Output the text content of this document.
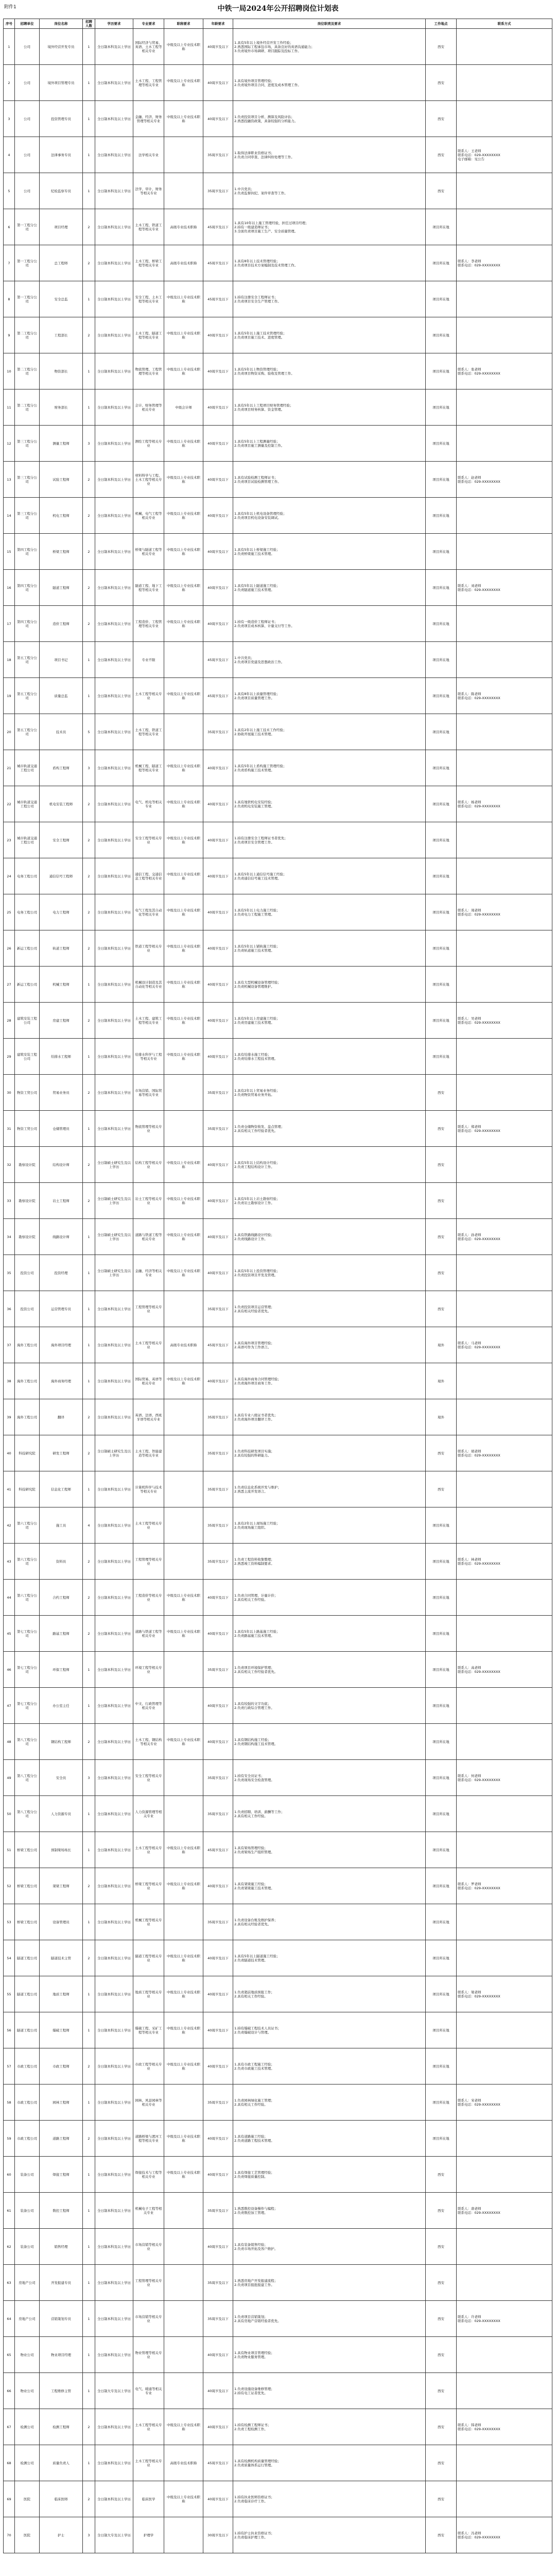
附件1	中铁一局2024年公开招聘岗位计划表
序号	招聘单位	岗位名称	招聘人数	学历要求	专业要求	职称要求	年龄要求	岗位职责及要求	工作地点	联系方式
1	公司	境外经营开发专员	1	全日制本科及以上学历	国际经济与贸易、英语、土木工程等相关专业	中级及以上专业技术职称	40周岁及以下	1.具有5年以上境外经营开发工作经验；
2.熟悉国际工程承包市场，具备良好的英语沟通能力；
3.负责境外市场调研、项目跟踪及投标工作。	西安	
2	公司	境外项目管理专员	1	全日制本科及以上学历	土木工程、工程管理等相关专业	中级及以上专业技术职称	40周岁及以下	1.具有境外项目管理经验；
2.负责境外项目合同、进度及成本管理工作。	西安	
3	公司	投资管理专员	1	全日制本科及以上学历	金融、经济、财务管理等相关专业	中级及以上专业技术职称	40周岁及以下	1.负责投资项目分析、测算及风险评估；
2.熟悉投融资政策，具备较强的分析能力。	西安	
4	公司	法律事务专员	1	全日制本科及以上学历	法学相关专业		35周岁及以下	1.取得法律职业资格证书；
2.负责合同审查、法律纠纷处理等工作。	西安	联系人：王老师
联系电话：029-XXXXXXXX
电子邮箱：见公告
5	公司	纪检监察专员	1	全日制本科及以上学历	法学、审计、财务等相关专业		35周岁及以下	1.中共党员；
2.负责监督执纪、案件审查等工作。	西安	
6	第一工程分公司	项目经理	2	全日制本科及以上学历	土木工程、铁道工程等相关专业	高级专业技术职称	45周岁及以下	1.具有10年以上施工管理经验，担任过项目经理；
2.持有一级建造师证书；
3.全面负责项目施工生产、安全质量管理。	项目所在地	
7	第一工程分公司	总工程师	2	全日制本科及以上学历	土木工程、桥梁工程等相关专业	高级专业技术职称	45周岁及以下	1.具有8年以上技术管理经验；
2.负责项目技术方案编制及技术管理工作。	项目所在地	联系人：李老师
联系电话：029-XXXXXXXX
8	第一工程分公司	安全总监	1	全日制本科及以上学历	安全工程、土木工程等相关专业	中级及以上专业技术职称	45周岁及以下	1.持有注册安全工程师证书；
2.负责项目安全生产管理工作。	项目所在地	
9	第二工程分公司	工程部长	2	全日制本科及以上学历	土木工程、隧道工程等相关专业	中级及以上专业技术职称	40周岁及以下	1.具有5年以上施工技术管理经验；
2.负责项目施工技术、进度管理。	项目所在地	
10	第二工程分公司	物资部长	1	全日制本科及以上学历	物流管理、工程管理等相关专业	中级及以上专业技术职称	40周岁及以下	1.具有5年以上物资管理经验；
2.负责项目物资采购、验收及管理工作。	项目所在地	联系人：张老师
联系电话：029-XXXXXXXX
11	第二工程分公司	财务部长	1	全日制本科及以上学历	会计、财务管理等相关专业	中级会计师	40周岁及以下	1.具有5年以上工程项目财务管理经验；
2.负责项目财务核算、资金管理。	项目所在地	
12	第三工程分公司	测量工程师	3	全日制本科及以上学历	测绘工程等相关专业	中级及以上专业技术职称	40周岁及以下	1.具有5年以上工程测量经验；
2.负责项目施工测量及控制工作。	项目所在地	
13	第三工程分公司	试验工程师	2	全日制本科及以上学历	材料科学与工程、土木工程等相关专业	中级及以上专业技术职称	40周岁及以下	1.具有试验检测工程师证书；
2.负责项目试验检测管理工作。	项目所在地	联系人：赵老师
联系电话：029-XXXXXXXX
14	第三工程分公司	机电工程师	2	全日制本科及以上学历	机械、电气工程等相关专业	中级及以上专业技术职称	40周岁及以下	1.具有5年以上机电设备管理经验；
2.负责项目机电设备安装调试。	项目所在地	
15	第四工程分公司	桥梁工程师	2	全日制本科及以上学历	桥梁与隧道工程等相关专业	中级及以上专业技术职称	40周岁及以下	1.具有5年以上桥梁施工经验；
2.负责桥梁施工技术管理。	项目所在地	
16	第四工程分公司	隧道工程师	2	全日制本科及以上学历	隧道工程、地下工程等相关专业	中级及以上专业技术职称	40周岁及以下	1.具有5年以上隧道施工经验；
2.负责隧道施工技术管理。	项目所在地	联系人：刘老师
联系电话：029-XXXXXXXX
17	第四工程分公司	造价工程师	2	全日制本科及以上学历	工程造价、工程管理等相关专业	中级及以上专业技术职称	40周岁及以下	1.持有一级造价工程师证书；
2.负责项目成本核算、计量支付等工作。	项目所在地	
18	第五工程分公司	项目书记	1	全日制本科及以上学历	专业不限		45周岁及以下	1.中共党员；
2.负责项目党建及思想政治工作。	项目所在地	
19	第五工程分公司	质量总监	1	全日制本科及以上学历	土木工程等相关专业	中级及以上专业技术职称	45周岁及以下	1.具有8年以上质量管理经验；
2.负责项目质量管理工作。	项目所在地	联系人：陈老师
联系电话：029-XXXXXXXX
20	第五工程分公司	技术员	5	全日制本科及以上学历	土木工程、铁道工程等相关专业		35周岁及以下	1.具有2年以上施工技术工作经验；
2.协助开展施工技术管理。	项目所在地	
21	城市轨道交通工程公司	盾构工程师	3	全日制本科及以上学历	机械工程、隧道工程等相关专业	中级及以上专业技术职称	40周岁及以下	1.具有5年以上盾构施工管理经验；
2.负责盾构施工技术管理。	项目所在地	
22	城市轨道交通工程公司	机电安装工程师	2	全日制本科及以上学历	电气、机电等相关专业	中级及以上专业技术职称	40周岁及以下	1.具有地铁机电安装经验；
2.负责机电安装施工管理。	项目所在地	联系人：杨老师
联系电话：029-XXXXXXXX
23	城市轨道交通工程公司	安全工程师	2	全日制本科及以上学历	安全工程等相关专业	中级及以上专业技术职称	40周岁及以下	1.持有注册安全工程师证书者优先；
2.负责项目安全管理工作。	项目所在地	
24	电务工程公司	通信信号工程师	2	全日制本科及以上学历	通信工程、交通信息工程等相关专业	中级及以上专业技术职称	40周岁及以下	1.具有5年以上通信信号施工经验；
2.负责通信信号施工技术管理。	项目所在地	
25	电务工程公司	电力工程师	2	全日制本科及以上学历	电气工程及其自动化等相关专业	中级及以上专业技术职称	40周岁及以下	1.具有5年以上电力施工经验；
2.负责电力工程施工管理。	项目所在地	联系人：周老师
联系电话：029-XXXXXXXX
26	新运工程公司	轨道工程师	2	全日制本科及以上学历	铁道工程等相关专业	中级及以上专业技术职称	40周岁及以下	1.具有5年以上铺轨施工经验；
2.负责轨道施工技术管理。	项目所在地	
27	新运工程公司	机械工程师	1	全日制本科及以上学历	机械设计制造及其自动化等相关专业	中级及以上专业技术职称	40周岁及以下	1.具有大型机械设备管理经验；
2.负责机械设备管理维护。	项目所在地	
28	建筑安装工程公司	房建工程师	2	全日制本科及以上学历	土木工程、建筑工程等相关专业	中级及以上专业技术职称	40周岁及以下	1.具有5年以上房建施工经验；
2.负责房建施工技术管理。	项目所在地	联系人：吴老师
联系电话：029-XXXXXXXX
29	建筑安装工程公司	给排水工程师	1	全日制本科及以上学历	给排水科学与工程等相关专业	中级及以上专业技术职称	40周岁及以下	1.具有给排水施工经验；
2.负责给排水工程技术管理。	项目所在地	
30	物资工贸公司	贸易业务员	2	全日制本科及以上学历	市场营销、国际贸易等相关专业		35周岁及以下	1.具有2年以上贸易业务经验；
2.负责物资贸易业务开拓。	西安	
31	物资工贸公司	仓储管理员	1	全日制本科及以上学历	物流管理等相关专业		35周岁及以下	1.负责仓储物资收发、盘点管理；
2.具有相关工作经验者优先。	西安	联系人：郑老师
联系电话：029-XXXXXXXX
32	勘察设计院	结构设计师	2	全日制硕士研究生及以上学历	结构工程等相关专业	中级及以上专业技术职称	40周岁及以下	1.具有5年以上结构设计经验；
2.负责工程结构设计工作。	西安	
33	勘察设计院	岩土工程师	2	全日制硕士研究生及以上学历	岩土工程等相关专业	中级及以上专业技术职称	40周岁及以下	1.具有5年以上岩土勘察经验；
2.负责岩土勘察设计工作。	西安	
34	勘察设计院	线路设计师	1	全日制硕士研究生及以上学历	道路与铁道工程等相关专业	中级及以上专业技术职称	40周岁及以下	1.具有铁路线路设计经验；
2.负责线路设计工作。	西安	联系人：孙老师
联系电话：029-XXXXXXXX
35	投资公司	投资经理	1	全日制硕士研究生及以上学历	金融、经济等相关专业	中级及以上专业技术职称	40周岁及以下	1.具有5年以上投资管理经验；
2.负责投资项目开发及管理。	西安	
36	投资公司	运营管理专员	1	全日制本科及以上学历	工程管理等相关专业		35周岁及以下	1.负责投资项目运营管理；
2.具有相关经验者优先。	西安	
37	海外工程公司	海外项目经理	1	全日制本科及以上学历	土木工程等相关专业	高级专业技术职称	45周岁及以下	1.具有海外项目管理经验；
2.英语可作为工作语言。	境外	联系人：马老师
联系电话：029-XXXXXXXX
38	海外工程公司	海外商务经理	1	全日制本科及以上学历	国际贸易、英语等相关专业	中级及以上专业技术职称	40周岁及以下	1.具有海外商务合同管理经验；
2.负责海外项目商务工作。	境外	
39	海外工程公司	翻译	2	全日制本科及以上学历	英语、法语、西班牙语等相关专业		35周岁及以下	1.具有专业八级证书者优先；
2.负责海外项目翻译工作。	境外	
40	科技研究院	研发工程师	2	全日制硕士研究生及以上学历	土木工程、智能建造等相关专业		35周岁及以下	1.负责科技研发项目实施；
2.具有较强的科研能力。	西安	联系人：胡老师
联系电话：029-XXXXXXXX
41	科技研究院	信息化工程师	1	全日制本科及以上学历	计算机科学与技术等相关专业		35周岁及以下	1.负责信息化系统开发与维护；
2.熟悉主流开发语言。	西安	
42	第六工程分公司	施工员	4	全日制本科及以上学历	土木工程等相关专业		35周岁及以下	1.具有2年以上现场施工经验；
2.负责现场施工组织。	项目所在地	
43	第六工程分公司	资料员	2	全日制本科及以上学历	工程管理等相关专业		35周岁及以下	1.负责工程资料收集整理；
2.熟悉竣工资料编制要求。	项目所在地	联系人：林老师
联系电话：029-XXXXXXXX
44	第六工程分公司	合约工程师	2	全日制本科及以上学历	工程造价等相关专业	中级及以上专业技术职称	40周岁及以下	1.负责合同管理、计量计价；
2.具有相关工作经验。	项目所在地	
45	第七工程分公司	路基工程师	2	全日制本科及以上学历	道路与铁道工程等相关专业	中级及以上专业技术职称	40周岁及以下	1.具有5年以上路基施工经验；
2.负责路基施工技术管理。	项目所在地	
46	第七工程分公司	环保工程师	1	全日制本科及以上学历	环境工程等相关专业		35周岁及以下	1.负责项目环境保护管理；
2.具有相关工作经验者优先。	项目所在地	联系人：高老师
联系电话：029-XXXXXXXX
47	第七工程分公司	办公室主任	1	全日制本科及以上学历	中文、行政管理等相关专业		40周岁及以下	1.具有较强的文字功底；
2.负责行政综合管理工作。	项目所在地	
48	第八工程分公司	钢结构工程师	2	全日制本科及以上学历	土木工程、钢结构等相关专业	中级及以上专业技术职称	40周岁及以下	1.具有钢结构施工经验；
2.负责钢结构施工技术管理。	项目所在地	
49	第八工程分公司	安全员	3	全日制本科及以上学历	安全工程等相关专业		35周岁及以下	1.持有安全员证书；
2.负责现场安全检查管理。	项目所在地	联系人：何老师
联系电话：029-XXXXXXXX
50	第八工程分公司	人力资源专员	1	全日制本科及以上学历	人力资源管理等相关专业		35周岁及以下	1.负责招聘、培训、薪酬等工作；
2.具有相关工作经验。	项目所在地	
51	桥梁工程公司	预制梁场场长	1	全日制本科及以上学历	土木工程等相关专业	中级及以上专业技术职称	45周岁及以下	1.具有梁场管理经验；
2.负责梁场生产组织管理。	项目所在地	
52	桥梁工程公司	架梁工程师	2	全日制本科及以上学历	桥梁工程等相关专业	中级及以上专业技术职称	40周岁及以下	1.具有架梁施工经验；
2.负责架梁施工技术管理。	项目所在地	联系人：罗老师
联系电话：029-XXXXXXXX
53	桥梁工程公司	设备管理员	1	全日制本科及以上学历	机械工程等相关专业		35周岁及以下	1.负责设备台账及维护保养；
2.具有相关经验者优先。	项目所在地	
54	隧道工程公司	隧道技术主管	2	全日制本科及以上学历	隧道工程等相关专业	中级及以上专业技术职称	40周岁及以下	1.具有5年以上隧道施工经验；
2.负责隧道技术管理。	项目所在地	
55	隧道工程公司	地质工程师	1	全日制本科及以上学历	地质工程等相关专业	中级及以上专业技术职称	40周岁及以下	1.负责超前地质预报工作；
2.具有相关工作经验。	项目所在地	联系人：梁老师
联系电话：029-XXXXXXXX
56	隧道工程公司	爆破工程师	1	全日制本科及以上学历	爆破工程、采矿工程等相关专业	中级及以上专业技术职称	40周岁及以下	1.持有爆破工程技术人员证书；
2.负责爆破设计与管理。	项目所在地	
57	市政工程公司	市政工程师	2	全日制本科及以上学历	市政工程等相关专业	中级及以上专业技术职称	40周岁及以下	1.具有市政工程施工经验；
2.负责市政施工技术管理。	项目所在地	
58	市政工程公司	园林工程师	1	全日制本科及以上学历	园林、风景园林等相关专业		35周岁及以下	1.负责园林绿化施工管理；
2.具有相关工作经验。	项目所在地	联系人：宋老师
联系电话：029-XXXXXXXX
59	市政工程公司	道路工程师	2	全日制本科及以上学历	道路桥梁与渡河工程等相关专业	中级及以上专业技术职称	40周岁及以下	1.具有道路施工经验；
2.负责道路工程技术管理。	项目所在地	
60	装备公司	焊接工程师	1	全日制本科及以上学历	焊接技术与工程等相关专业	中级及以上专业技术职称	40周岁及以下	1.具有焊接工艺管理经验；
2.负责焊接质量控制。	西安	
61	装备公司	数控工程师	1	全日制本科及以上学历	机械电子工程等相关专业		35周岁及以下	1.熟悉数控设备操作与编程；
2.负责数控加工管理。	西安	联系人：唐老师
联系电话：029-XXXXXXXX
62	装备公司	销售经理	1	全日制本科及以上学历	市场营销等相关专业		40周岁及以下	1.具有装备销售经验；
2.负责市场开拓及客户维护。	西安	
63	房地产公司	开发报建专员	1	全日制本科及以上学历	工程管理等相关专业		35周岁及以下	1.熟悉房地产开发报建流程；
2.负责项目报批报建工作。	西安	
64	房地产公司	营销策划专员	1	全日制本科及以上学历	市场营销等相关专业		35周岁及以下	1.负责项目营销策划；
2.具有房地产营销经验者优先。	西安	联系人：许老师
联系电话：029-XXXXXXXX
65	物业公司	物业项目经理	1	全日制本科及以上学历	物业管理等相关专业		40周岁及以下	1.具有物业项目管理经验；
2.负责物业服务管理。	西安	
66	物业公司	工程维修主管	1	全日制大专及以上学历	电气、暖通等相关专业		40周岁及以下	1.负责设施设备维修管理；
2.持有电工证者优先。	西安	
67	检测公司	检测工程师	2	全日制本科及以上学历	土木工程等相关专业	中级及以上专业技术职称	40周岁及以下	1.持有检测工程师证书；
2.负责工程检测工作。	西安	联系人：韩老师
联系电话：029-XXXXXXXX
68	检测公司	质量负责人	1	全日制本科及以上学历	土木工程等相关专业	高级专业技术职称	45周岁及以下	1.具有检测机构质量管理经验；
2.负责质量体系运行管理。	西安	
69	医院	临床医师	2	全日制本科及以上学历	临床医学	中级及以上专业技术职称	40周岁及以下	1.持有执业医师资格证书；
2.负责临床诊疗工作。	西安	
70	医院	护士	3	全日制大专及以上学历	护理学		30周岁及以下	1.持有护士执业资格证书；
2.负责临床护理工作。	西安	联系人：冯老师
联系电话：029-XXXXXXXX
